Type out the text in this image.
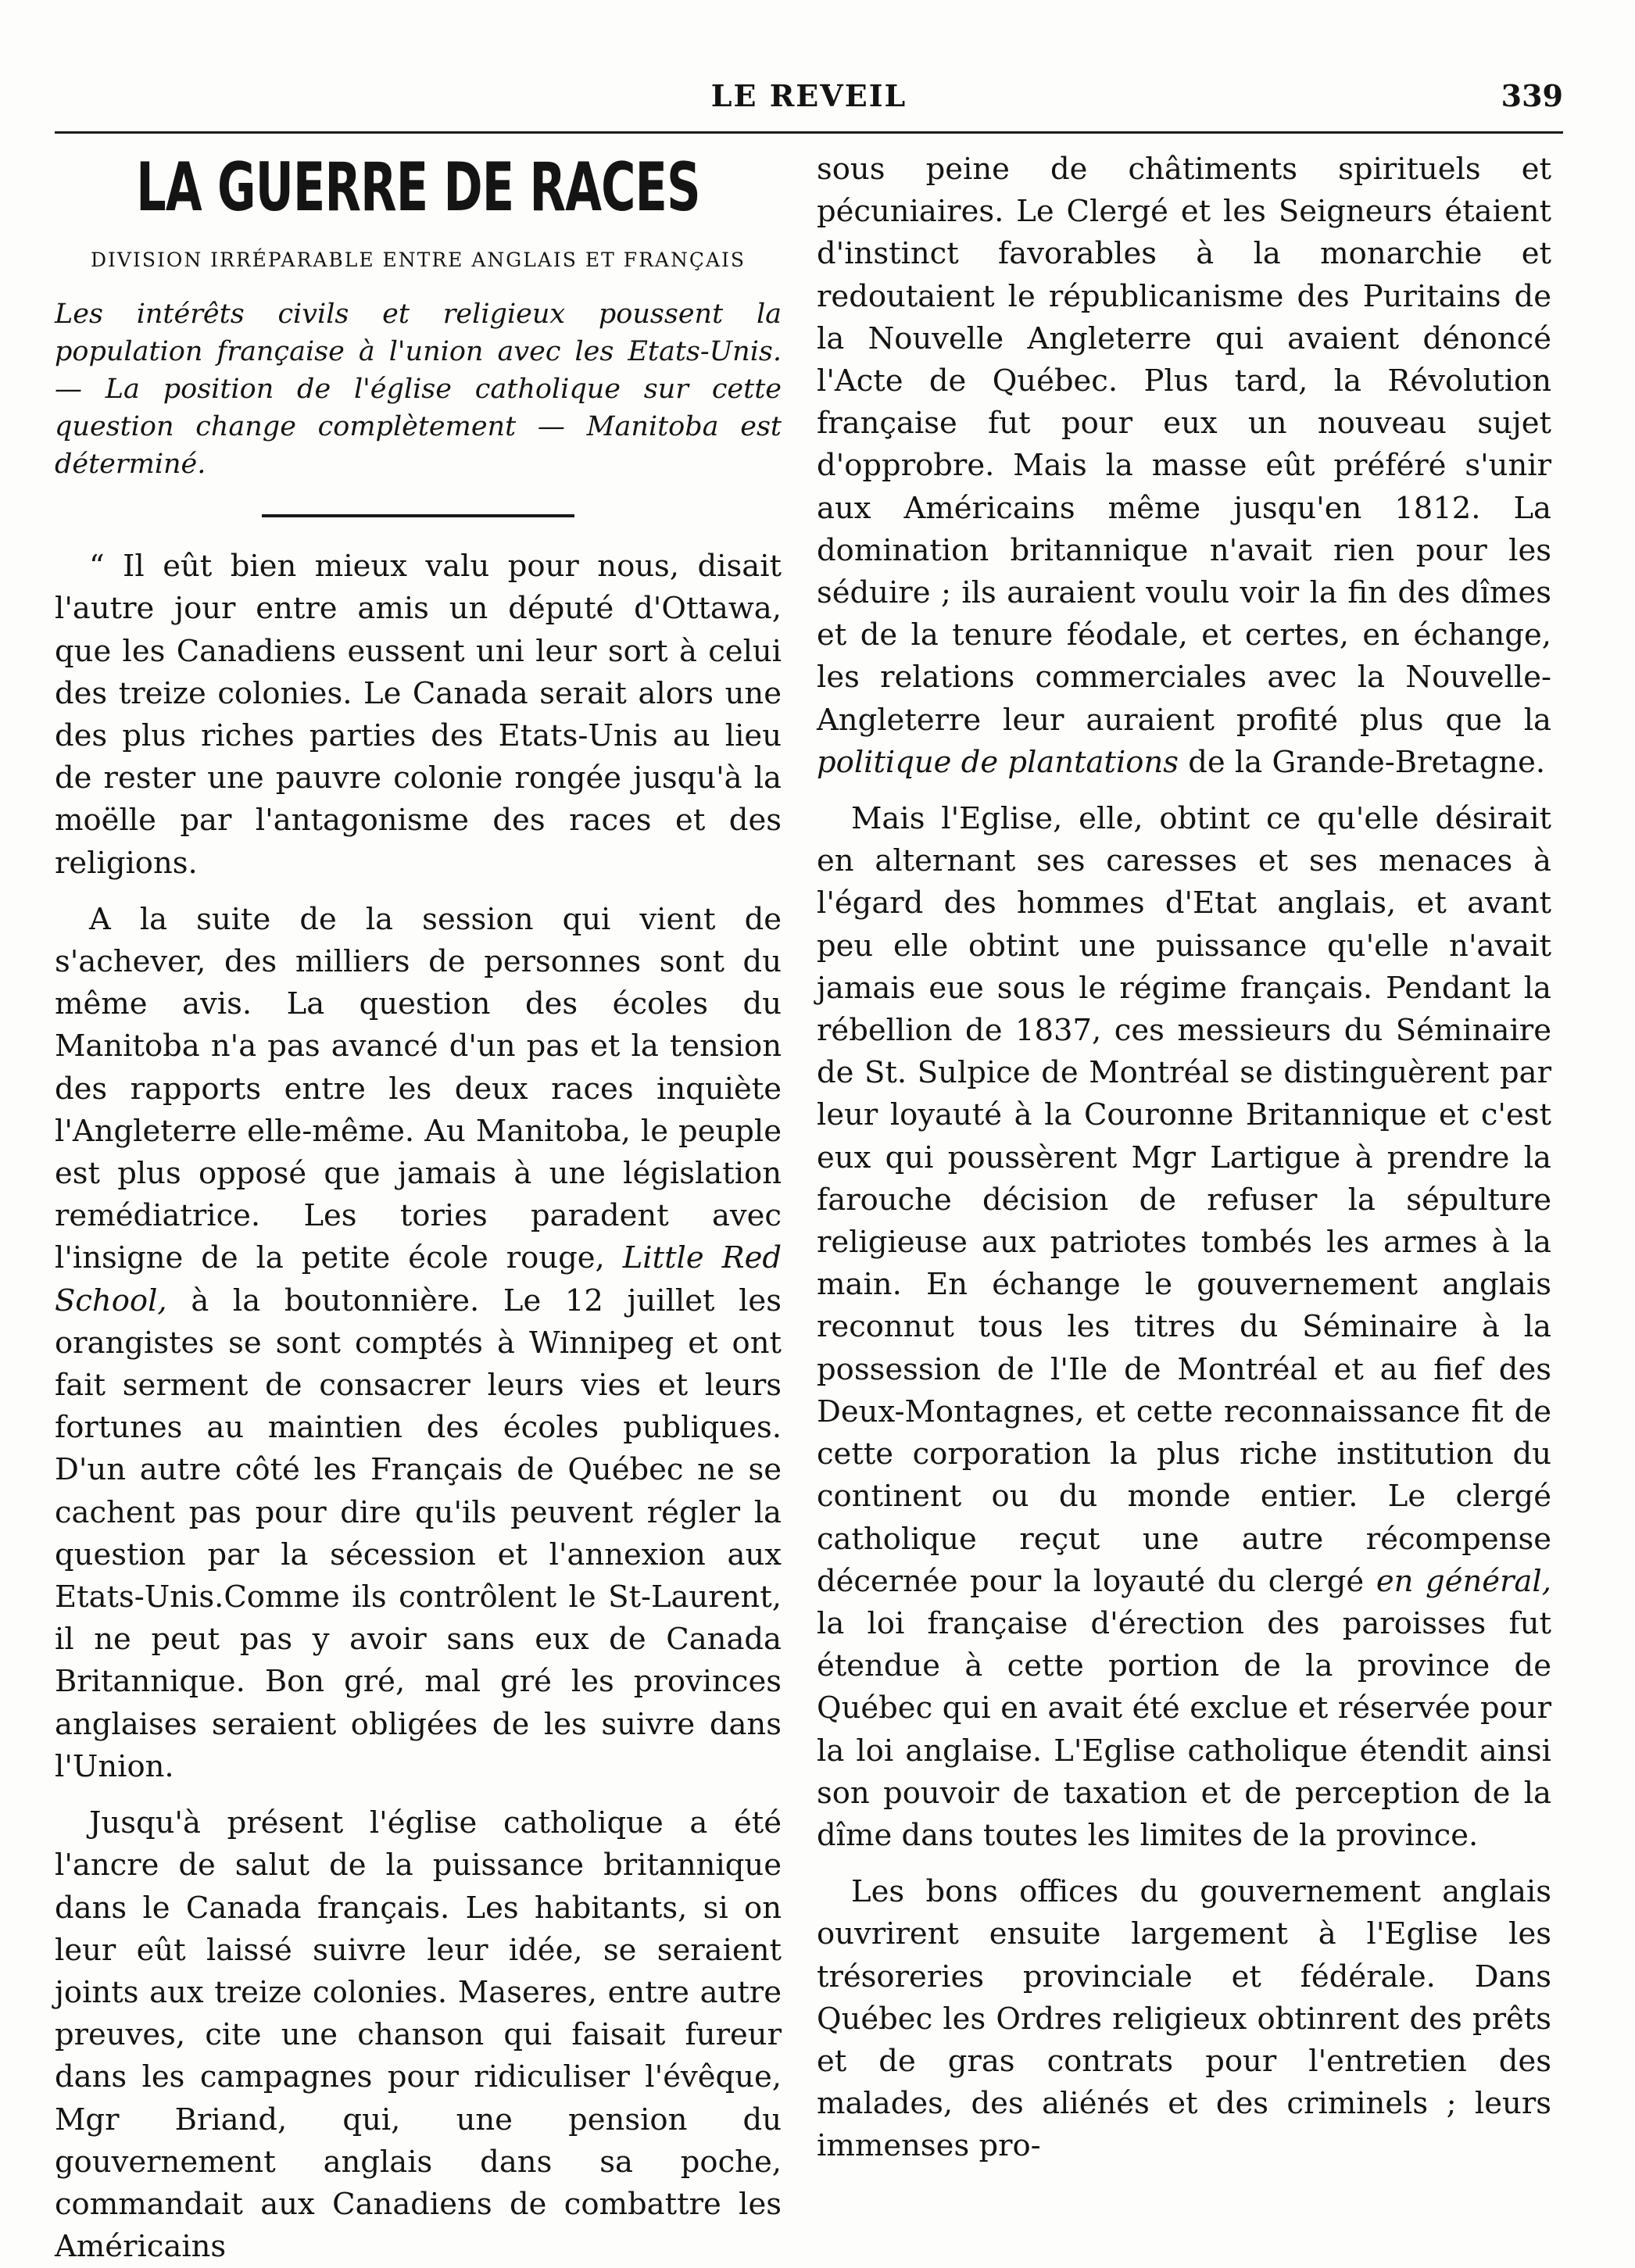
LE REVEIL	339
LA GUERRE DE RACES
DIVISION IRRÉPARABLE ENTRE ANGLAIS ET FRANÇAIS
Les intérêts civils et religieux poussent la population française à l'union avec les Etats-Unis. — La position de l'église catholique sur cette question change complètement — Manitoba est déterminé.

“ Il eût bien mieux valu pour nous, disait l'autre jour entre amis un député d'Ottawa, que les Canadiens eussent uni leur sort à celui des treize colonies. Le Canada serait alors une des plus riches parties des Etats-Unis au lieu de rester une pauvre colonie rongée jusqu'à la moëlle par l'antagonisme des races et des religions.

A la suite de la session qui vient de s'achever, des milliers de personnes sont du même avis. La question des écoles du Manitoba n'a pas avancé d'un pas et la tension des rapports entre les deux races inquiète l'Angleterre elle-même. Au Manitoba, le peuple est plus opposé que jamais à une législation remédiatrice. Les tories paradent avec l'insigne de la petite école rouge, Little Red School, à la boutonnière. Le 12 juillet les orangistes se sont comptés à Winnipeg et ont fait serment de consacrer leurs vies et leurs fortunes au maintien des écoles publiques. D'un autre côté les Français de Québec ne se cachent pas pour dire qu'ils peuvent régler la question par la sécession et l'annexion aux Etats-Unis.Comme ils contrôlent le St-Laurent, il ne peut pas y avoir sans eux de Canada Britannique. Bon gré, mal gré les provinces anglaises seraient obligées de les suivre dans l'Union.

Jusqu'à présent l'église catholique a été l'ancre de salut de la puissance britannique dans le Canada français. Les habitants, si on leur eût laissé suivre leur idée, se seraient joints aux treize colonies. Maseres, entre autre preuves, cite une chanson qui faisait fureur dans les campagnes pour ridiculiser l'évêque, Mgr Briand, qui, une pension du gouvernement anglais dans sa poche, commandait aux Canadiens de combattre les Américains

sous peine de châtiments spirituels et pécuniaires. Le Clergé et les Seigneurs étaient d'instinct favorables à la monarchie et redoutaient le républicanisme des Puritains de la Nouvelle Angleterre qui avaient dénoncé l'Acte de Québec. Plus tard, la Révolution française fut pour eux un nouveau sujet d'opprobre. Mais la masse eût préféré s'unir aux Américains même jusqu'en 1812. La domination britannique n'avait rien pour les séduire ; ils auraient voulu voir la fin des dîmes et de la tenure féodale, et certes, en échange, les relations commerciales avec la Nouvelle-Angleterre leur auraient profité plus que la politique de plantations de la Grande-Bretagne.

Mais l'Eglise, elle, obtint ce qu'elle désirait en alternant ses caresses et ses menaces à l'égard des hommes d'Etat anglais, et avant peu elle obtint une puissance qu'elle n'avait jamais eue sous le régime français. Pendant la rébellion de 1837, ces messieurs du Séminaire de St. Sulpice de Montréal se distinguèrent par leur loyauté à la Couronne Britannique et c'est eux qui poussèrent Mgr Lartigue à prendre la farouche décision de refuser la sépulture religieuse aux patriotes tombés les armes à la main. En échange le gouvernement anglais reconnut tous les titres du Séminaire à la possession de l'Ile de Montréal et au fief des Deux-Montagnes, et cette reconnaissance fit de cette corporation la plus riche institution du continent ou du monde entier. Le clergé catholique reçut une autre récompense décernée pour la loyauté du clergé en général, la loi française d'érection des paroisses fut étendue à cette portion de la province de Québec qui en avait été exclue et réservée pour la loi anglaise. L'Eglise catholique étendit ainsi son pouvoir de taxation et de perception de la dîme dans toutes les limites de la province.

Les bons offices du gouvernement anglais ouvrirent ensuite largement à l'Eglise les trésoreries provinciale et fédérale. Dans Québec les Ordres religieux obtinrent des prêts et de gras contrats pour l'entretien des malades, des aliénés et des criminels ; leurs immenses pro-
